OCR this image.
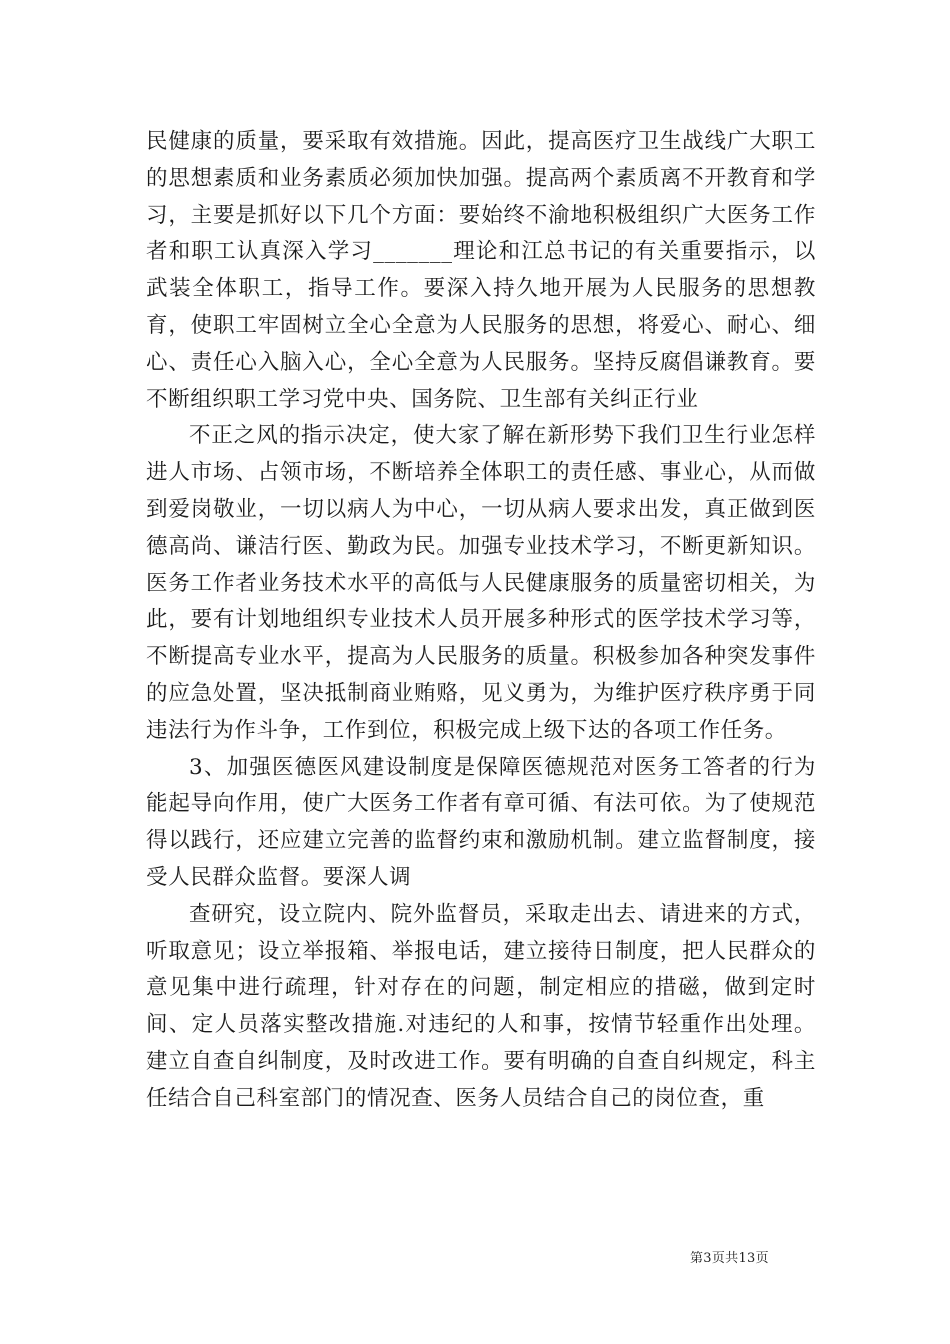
民健康的质量，要采取有效措施。因此，提高医疗卫生战线广大职工的思想素质和业务素质必须加快加强。提高两个素质离不开教育和学习，主要是抓好以下几个方面：要始终不渝地积极组织广大医务工作者和职工认真深入学习_______理论和江总书记的有关重要指示，以武装全体职工，指导工作。要深入持久地开展为人民服务的思想教育，使职工牢固树立全心全意为人民服务的思想，将爱心、耐心、细心、责任心入脑入心，全心全意为人民服务。坚持反腐倡谦教育。要不断组织职工学习党中央、国务院、卫生部有关纠正行业

不正之风的指示决定，使大家了解在新形势下我们卫生行业怎样进人市场、占领市场，不断培养全体职工的责任感、事业心，从而做到爱岗敬业，一切以病人为中心，一切从病人要求出发，真正做到医德高尚、谦洁行医、勤政为民。加强专业技术学习，不断更新知识。医务工作者业务技术水平的高低与人民健康服务的质量密切相关，为此，要有计划地组织专业技术人员开展多种形式的医学技术学习等，不断提高专业水平，提高为人民服务的质量。积极参加各种突发事件的应急处置，坚决抵制商业贿赂，见义勇为，为维护医疗秩序勇于同违法行为作斗争，工作到位，积极完成上级下达的各项工作任务。

3、加强医德医风建设制度是保障医德规范对医务工答者的行为能起导向作用，使广大医务工作者有章可循、有法可依。为了使规范得以践行，还应建立完善的监督约束和激励机制。建立监督制度，接受人民群众监督。要深人调

查研究，设立院内、院外监督员，采取走出去、请进来的方式，听取意见；设立举报箱、举报电话，建立接待日制度，把人民群众的意见集中进行疏理，针对存在的问题，制定相应的措磁，做到定时间、定人员落实整改措施.对违纪的人和事，按情节轻重作出处理。建立自查自纠制度，及时改进工作。要有明确的自查自纠规定，科主任结合自己科室部门的情况查、医务人员结合自己的岗位查，重

第3页共13页
